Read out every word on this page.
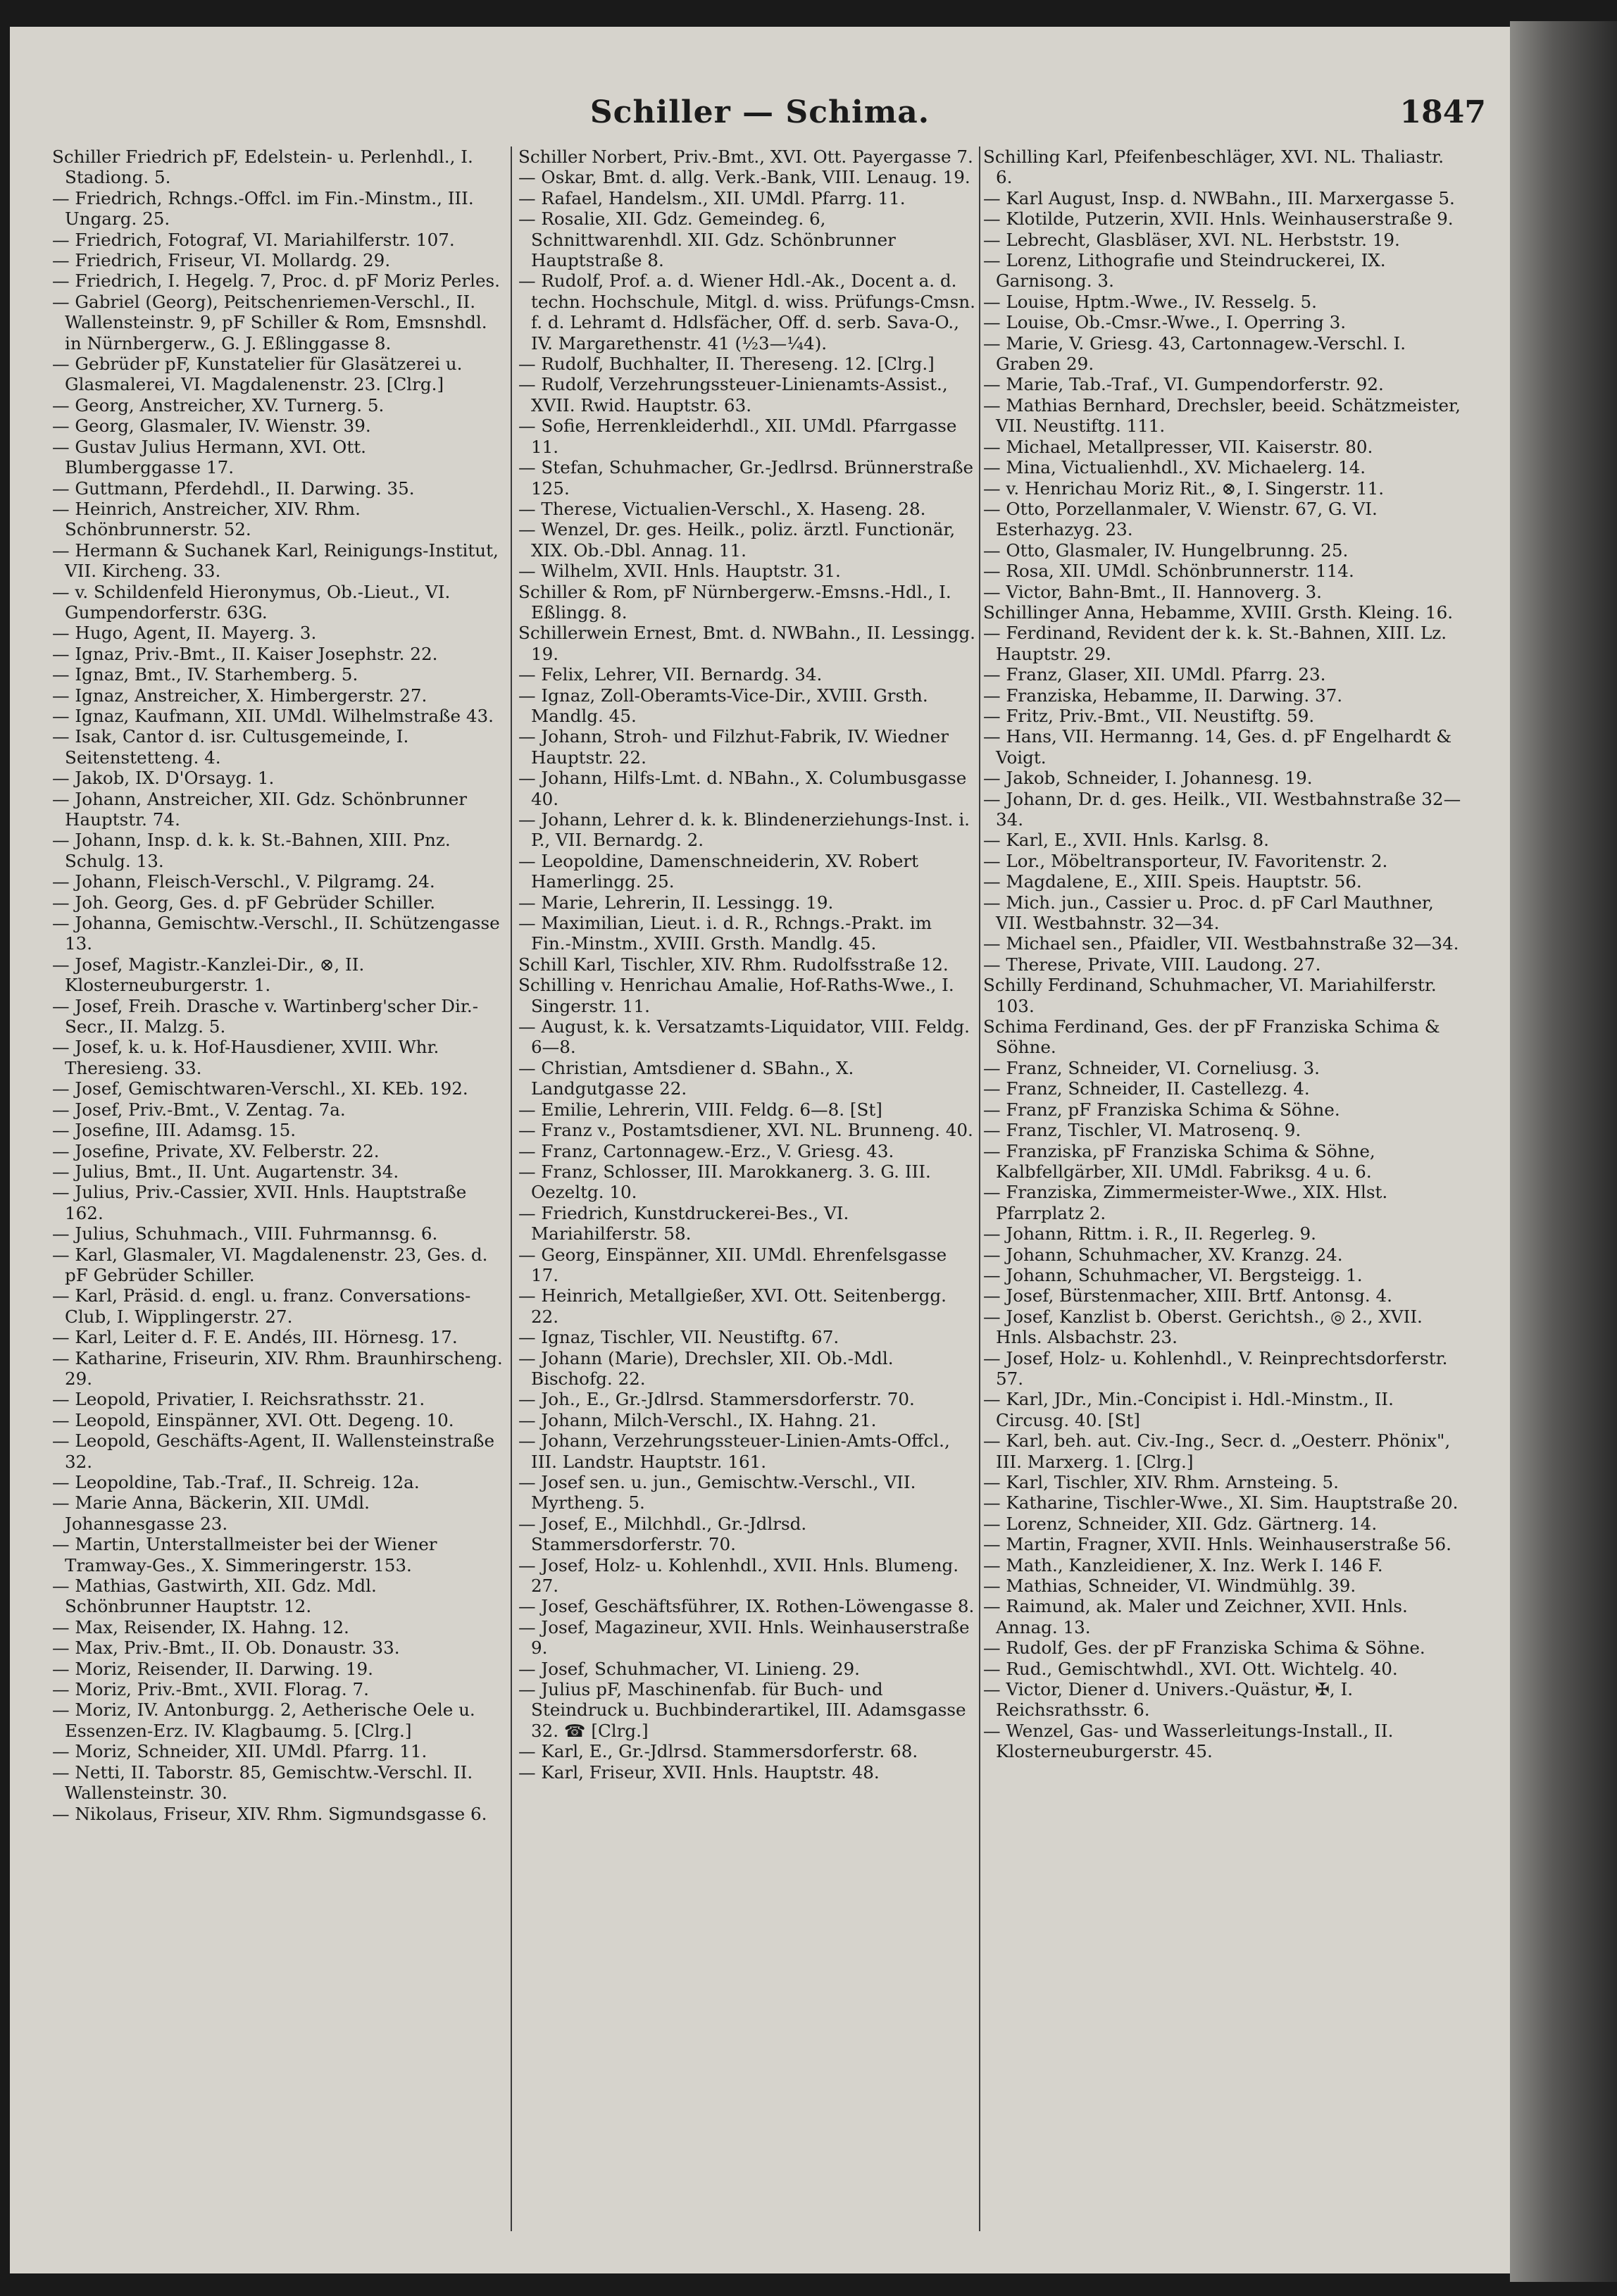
Schiller — Schima.	1847
Schiller Friedrich pF, Edelstein- u. Perlenhdl., I. Stadiong. 5.
— Friedrich, Rchngs.-Offcl. im Fin.-Minstm., III. Ungarg. 25.
— Friedrich, Fotograf, VI. Mariahilferstr. 107.
— Friedrich, Friseur, VI. Mollardg. 29.
— Friedrich, I. Hegelg. 7, Proc. d. pF Moriz Perles.
— Gabriel (Georg), Peitschenriemen-Verschl., II. Wallensteinstr. 9, pF Schiller & Rom, Emsnshdl. in Nürnbergerw., G. J. Eßlinggasse 8.
— Gebrüder pF, Kunstatelier für Glasätzerei u. Glasmalerei, VI. Magdalenenstr. 23. [Clrg.]
— Georg, Anstreicher, XV. Turnerg. 5.
— Georg, Glasmaler, IV. Wienstr. 39.
— Gustav Julius Hermann, XVI. Ott. Blumberggasse 17.
— Guttmann, Pferdehdl., II. Darwing. 35.
— Heinrich, Anstreicher, XIV. Rhm. Schönbrunnerstr. 52.
— Hermann & Suchanek Karl, Reinigungs-Institut, VII. Kircheng. 33.
— v. Schildenfeld Hieronymus, Ob.-Lieut., VI. Gumpendorferstr. 63G.
— Hugo, Agent, II. Mayerg. 3.
— Ignaz, Priv.-Bmt., II. Kaiser Josephstr. 22.
— Ignaz, Bmt., IV. Starhemberg. 5.
— Ignaz, Anstreicher, X. Himbergerstr. 27.
— Ignaz, Kaufmann, XII. UMdl. Wilhelmstraße 43.
— Isak, Cantor d. isr. Cultusgemeinde, I. Seitenstetteng. 4.
— Jakob, IX. D'Orsayg. 1.
— Johann, Anstreicher, XII. Gdz. Schönbrunner Hauptstr. 74.
— Johann, Insp. d. k. k. St.-Bahnen, XIII. Pnz. Schulg. 13.
— Johann, Fleisch-Verschl., V. Pilgramg. 24.
— Joh. Georg, Ges. d. pF Gebrüder Schiller.
— Johanna, Gemischtw.-Verschl., II. Schützengasse 13.
— Josef, Magistr.-Kanzlei-Dir., ⊗, II. Klosterneuburgerstr. 1.
— Josef, Freih. Drasche v. Wartinberg'scher Dir.-Secr., II. Malzg. 5.
— Josef, k. u. k. Hof-Hausdiener, XVIII. Whr. Theresieng. 33.
— Josef, Gemischtwaren-Verschl., XI. KEb. 192.
— Josef, Priv.-Bmt., V. Zentag. 7a.
— Josefine, III. Adamsg. 15.
— Josefine, Private, XV. Felberstr. 22.
— Julius, Bmt., II. Unt. Augartenstr. 34.
— Julius, Priv.-Cassier, XVII. Hnls. Hauptstraße 162.
— Julius, Schuhmach., VIII. Fuhrmannsg. 6.
— Karl, Glasmaler, VI. Magdalenenstr. 23, Ges. d. pF Gebrüder Schiller.
— Karl, Präsid. d. engl. u. franz. Conversations-Club, I. Wipplingerstr. 27.
— Karl, Leiter d. F. E. Andés, III. Hörnesg. 17.
— Katharine, Friseurin, XIV. Rhm. Braunhirscheng. 29.
— Leopold, Privatier, I. Reichsrathsstr. 21.
— Leopold, Einspänner, XVI. Ott. Degeng. 10.
— Leopold, Geschäfts-Agent, II. Wallensteinstraße 32.
— Leopoldine, Tab.-Traf., II. Schreig. 12a.
— Marie Anna, Bäckerin, XII. UMdl. Johannesgasse 23.
— Martin, Unterstallmeister bei der Wiener Tramway-Ges., X. Simmeringerstr. 153.
— Mathias, Gastwirth, XII. Gdz. Mdl. Schönbrunner Hauptstr. 12.
— Max, Reisender, IX. Hahng. 12.
— Max, Priv.-Bmt., II. Ob. Donaustr. 33.
— Moriz, Reisender, II. Darwing. 19.
— Moriz, Priv.-Bmt., XVII. Florag. 7.
— Moriz, IV. Antonburgg. 2, Aetherische Oele u. Essenzen-Erz. IV. Klagbaumg. 5. [Clrg.]
— Moriz, Schneider, XII. UMdl. Pfarrg. 11.
— Netti, II. Taborstr. 85, Gemischtw.-Verschl. II. Wallensteinstr. 30.
— Nikolaus, Friseur, XIV. Rhm. Sigmundsgasse 6.
Schiller Norbert, Priv.-Bmt., XVI. Ott. Payergasse 7.
— Oskar, Bmt. d. allg. Verk.-Bank, VIII. Lenaug. 19.
— Rafael, Handelsm., XII. UMdl. Pfarrg. 11.
— Rosalie, XII. Gdz. Gemeindeg. 6, Schnittwarenhdl. XII. Gdz. Schönbrunner Hauptstraße 8.
— Rudolf, Prof. a. d. Wiener Hdl.-Ak., Docent a. d. techn. Hochschule, Mitgl. d. wiss. Prüfungs-Cmsn. f. d. Lehramt d. Hdlsfächer, Off. d. serb. Sava-O., IV. Margarethenstr. 41 (½3—¼4).
— Rudolf, Buchhalter, II. Thereseng. 12. [Clrg.]
— Rudolf, Verzehrungssteuer-Linienamts-Assist., XVII. Rwid. Hauptstr. 63.
— Sofie, Herrenkleiderhdl., XII. UMdl. Pfarrgasse 11.
— Stefan, Schuhmacher, Gr.-Jedlrsd. Brünnerstraße 125.
— Therese, Victualien-Verschl., X. Haseng. 28.
— Wenzel, Dr. ges. Heilk., poliz. ärztl. Functionär, XIX. Ob.-Dbl. Annag. 11.
— Wilhelm, XVII. Hnls. Hauptstr. 31.
Schiller & Rom, pF Nürnbergerw.-Emsns.-Hdl., I. Eßlingg. 8.
Schillerwein Ernest, Bmt. d. NWBahn., II. Lessingg. 19.
— Felix, Lehrer, VII. Bernardg. 34.
— Ignaz, Zoll-Oberamts-Vice-Dir., XVIII. Grsth. Mandlg. 45.
— Johann, Stroh- und Filzhut-Fabrik, IV. Wiedner Hauptstr. 22.
— Johann, Hilfs-Lmt. d. NBahn., X. Columbusgasse 40.
— Johann, Lehrer d. k. k. Blindenerziehungs-Inst. i. P., VII. Bernardg. 2.
— Leopoldine, Damenschneiderin, XV. Robert Hamerlingg. 25.
— Marie, Lehrerin, II. Lessingg. 19.
— Maximilian, Lieut. i. d. R., Rchngs.-Prakt. im Fin.-Minstm., XVIII. Grsth. Mandlg. 45.
Schill Karl, Tischler, XIV. Rhm. Rudolfsstraße 12.
Schilling v. Henrichau Amalie, Hof-Raths-Wwe., I. Singerstr. 11.
— August, k. k. Versatzamts-Liquidator, VIII. Feldg. 6—8.
— Christian, Amtsdiener d. SBahn., X. Landgutgasse 22.
— Emilie, Lehrerin, VIII. Feldg. 6—8. [St]
— Franz v., Postamtsdiener, XVI. NL. Brunneng. 40.
— Franz, Cartonnagew.-Erz., V. Griesg. 43.
— Franz, Schlosser, III. Marokkanerg. 3. G. III. Oezeltg. 10.
— Friedrich, Kunstdruckerei-Bes., VI. Mariahilferstr. 58.
— Georg, Einspänner, XII. UMdl. Ehrenfelsgasse 17.
— Heinrich, Metallgießer, XVI. Ott. Seitenbergg. 22.
— Ignaz, Tischler, VII. Neustiftg. 67.
— Johann (Marie), Drechsler, XII. Ob.-Mdl. Bischofg. 22.
— Joh., E., Gr.-Jdlrsd. Stammersdorferstr. 70.
— Johann, Milch-Verschl., IX. Hahng. 21.
— Johann, Verzehrungssteuer-Linien-Amts-Offcl., III. Landstr. Hauptstr. 161.
— Josef sen. u. jun., Gemischtw.-Verschl., VII. Myrtheng. 5.
— Josef, E., Milchhdl., Gr.-Jdlrsd. Stammersdorferstr. 70.
— Josef, Holz- u. Kohlenhdl., XVII. Hnls. Blumeng. 27.
— Josef, Geschäftsführer, IX. Rothen-Löwengasse 8.
— Josef, Magazineur, XVII. Hnls. Weinhauserstraße 9.
— Josef, Schuhmacher, VI. Linieng. 29.
— Julius pF, Maschinenfab. für Buch- und Steindruck u. Buchbinderartikel, III. Adamsgasse 32. ☎ [Clrg.]
— Karl, E., Gr.-Jdlrsd. Stammersdorferstr. 68.
— Karl, Friseur, XVII. Hnls. Hauptstr. 48.
Schilling Karl, Pfeifenbeschläger, XVI. NL. Thaliastr. 6.
— Karl August, Insp. d. NWBahn., III. Marxergasse 5.
— Klotilde, Putzerin, XVII. Hnls. Weinhauserstraße 9.
— Lebrecht, Glasbläser, XVI. NL. Herbststr. 19.
— Lorenz, Lithografie und Steindruckerei, IX. Garnisong. 3.
— Louise, Hptm.-Wwe., IV. Resselg. 5.
— Louise, Ob.-Cmsr.-Wwe., I. Operring 3.
— Marie, V. Griesg. 43, Cartonnagew.-Verschl. I. Graben 29.
— Marie, Tab.-Traf., VI. Gumpendorferstr. 92.
— Mathias Bernhard, Drechsler, beeid. Schätzmeister, VII. Neustiftg. 111.
— Michael, Metallpresser, VII. Kaiserstr. 80.
— Mina, Victualienhdl., XV. Michaelerg. 14.
— v. Henrichau Moriz Rit., ⊗, I. Singerstr. 11.
— Otto, Porzellanmaler, V. Wienstr. 67, G. VI. Esterhazyg. 23.
— Otto, Glasmaler, IV. Hungelbrunng. 25.
— Rosa, XII. UMdl. Schönbrunnerstr. 114.
— Victor, Bahn-Bmt., II. Hannoverg. 3.
Schillinger Anna, Hebamme, XVIII. Grsth. Kleing. 16.
— Ferdinand, Revident der k. k. St.-Bahnen, XIII. Lz. Hauptstr. 29.
— Franz, Glaser, XII. UMdl. Pfarrg. 23.
— Franziska, Hebamme, II. Darwing. 37.
— Fritz, Priv.-Bmt., VII. Neustiftg. 59.
— Hans, VII. Hermanng. 14, Ges. d. pF Engelhardt & Voigt.
— Jakob, Schneider, I. Johannesg. 19.
— Johann, Dr. d. ges. Heilk., VII. Westbahnstraße 32—34.
— Karl, E., XVII. Hnls. Karlsg. 8.
— Lor., Möbeltransporteur, IV. Favoritenstr. 2.
— Magdalene, E., XIII. Speis. Hauptstr. 56.
— Mich. jun., Cassier u. Proc. d. pF Carl Mauthner, VII. Westbahnstr. 32—34.
— Michael sen., Pfaidler, VII. Westbahnstraße 32—34.
— Therese, Private, VIII. Laudong. 27.
Schilly Ferdinand, Schuhmacher, VI. Mariahilferstr. 103.
Schima Ferdinand, Ges. der pF Franziska Schima & Söhne.
— Franz, Schneider, VI. Corneliusg. 3.
— Franz, Schneider, II. Castellezg. 4.
— Franz, pF Franziska Schima & Söhne.
— Franz, Tischler, VI. Matrosenq. 9.
— Franziska, pF Franziska Schima & Söhne, Kalbfellgärber, XII. UMdl. Fabriksg. 4 u. 6.
— Franziska, Zimmermeister-Wwe., XIX. Hlst. Pfarrplatz 2.
— Johann, Rittm. i. R., II. Regerleg. 9.
— Johann, Schuhmacher, XV. Kranzg. 24.
— Johann, Schuhmacher, VI. Bergsteigg. 1.
— Josef, Bürstenmacher, XIII. Brtf. Antonsg. 4.
— Josef, Kanzlist b. Oberst. Gerichtsh., ◎ 2., XVII. Hnls. Alsbachstr. 23.
— Josef, Holz- u. Kohlenhdl., V. Reinprechtsdorferstr. 57.
— Karl, JDr., Min.-Concipist i. Hdl.-Minstm., II. Circusg. 40. [St]
— Karl, beh. aut. Civ.-Ing., Secr. d. „Oesterr. Phönix", III. Marxerg. 1. [Clrg.]
— Karl, Tischler, XIV. Rhm. Arnsteing. 5.
— Katharine, Tischler-Wwe., XI. Sim. Hauptstraße 20.
— Lorenz, Schneider, XII. Gdz. Gärtnerg. 14.
— Martin, Fragner, XVII. Hnls. Weinhauserstraße 56.
— Math., Kanzleidiener, X. Inz. Werk I. 146 F.
— Mathias, Schneider, VI. Windmühlg. 39.
— Raimund, ak. Maler und Zeichner, XVII. Hnls. Annag. 13.
— Rudolf, Ges. der pF Franziska Schima & Söhne.
— Rud., Gemischtwhdl., XVI. Ott. Wichtelg. 40.
— Victor, Diener d. Univers.-Quästur, ✠, I. Reichsrathsstr. 6.
— Wenzel, Gas- und Wasserleitungs-Install., II. Klosterneuburgerstr. 45.
